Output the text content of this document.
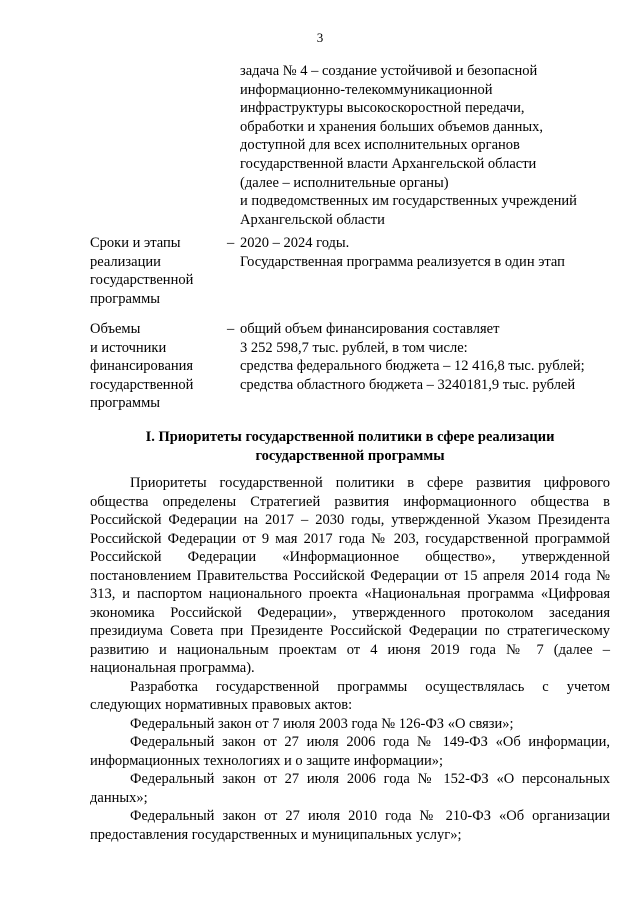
3
задача № 4 – создание устойчивой и безопасной
информационно-телекоммуникационной
инфраструктуры высокоскоростной передачи,
обработки и хранения больших объемов данных,
доступной для всех исполнительных органов
государственной власти Архангельской области
(далее – исполнительные органы)
и подведомственных им государственных учреждений
Архангельской области
Сроки и этапы
реализации
государственной
программы
– 2020 – 2024 годы.
Государственная программа реализуется в один этап
Объемы
и источники
финансирования
государственной
программы
– общий объем финансирования составляет
3 252 598,7 тыс. рублей, в том числе:
средства федерального бюджета – 12 416,8 тыс. рублей;
средства областного бюджета – 3240181,9 тыс. рублей
I. Приоритеты государственной политики в сфере реализации
государственной программы

Приоритеты государственной политики в сфере развития цифрового общества определены Стратегией развития информационного общества в Российской Федерации на 2017 – 2030 годы, утвержденной Указом Президента Российской Федерации от 9 мая 2017 года № 203, государственной программой Российской Федерации «Информационное общество», утвержденной постановлением Правительства Российской Федерации от 15 апреля 2014 года № 313, и паспортом национального проекта «Национальная программа «Цифровая экономика Российской Федерации», утвержденного протоколом заседания президиума Совета при Президенте Российской Федерации по стратегическому развитию и национальным проектам от 4 июня 2019 года № 7 (далее – национальная программа).

Разработка государственной программы осуществлялась с учетом следующих нормативных правовых актов:

Федеральный закон от 7 июля 2003 года № 126-ФЗ «О связи»;

Федеральный закон от 27 июля 2006 года № 149-ФЗ «Об информации, информационных технологиях и о защите информации»;

Федеральный закон от 27 июля 2006 года № 152-ФЗ «О персональных данных»;

Федеральный закон от 27 июля 2010 года № 210-ФЗ «Об организации предоставления государственных и муниципальных услуг»;
